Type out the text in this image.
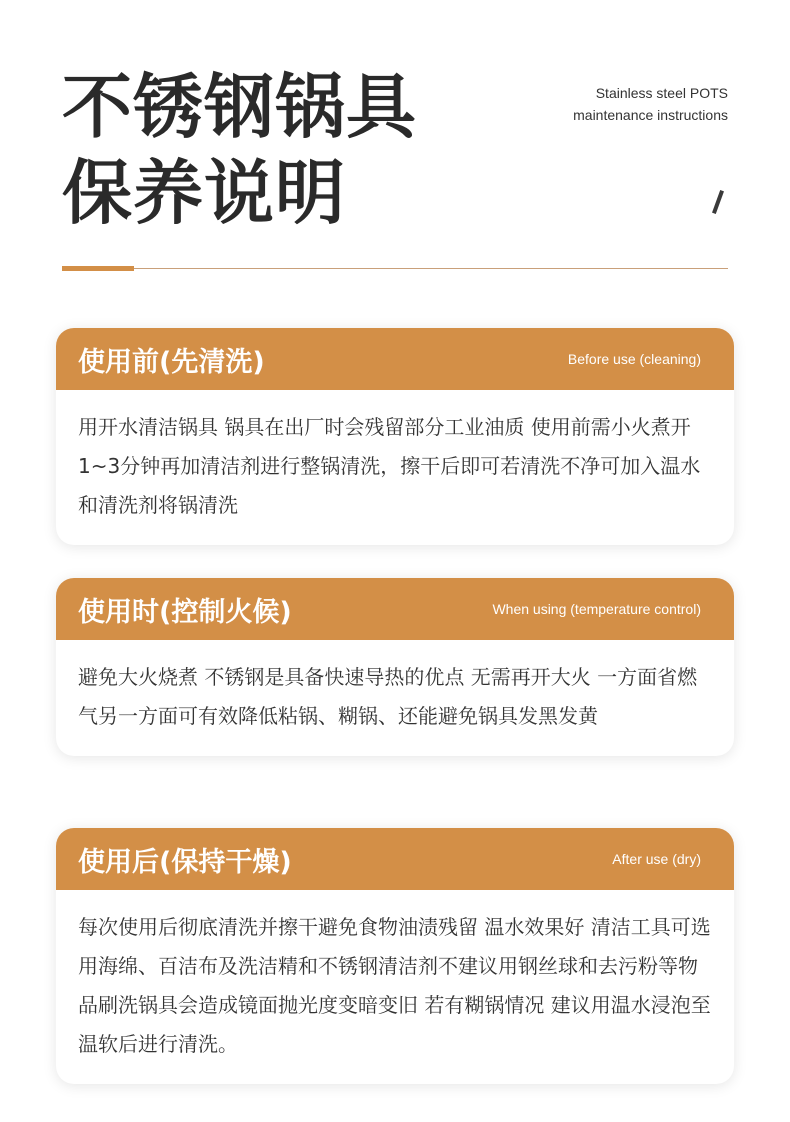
不锈钢锅具
保养说明
Stainless steel POTS
maintenance instructions
使用前(先清洗)	Before use (cleaning)
用开水清洁锅具 锅具在出厂时会残留部分工业油质 使用前需小火煮开1~3分钟再加清洁剂进行整锅清洗，擦干后即可若清洗不净可加入温水和清洗剂将锅清洗
使用时(控制火候)	When using (temperature control)
避免大火烧煮 不锈钢是具备快速导热的优点 无需再开大火 一方面省燃气另一方面可有效降低粘锅、糊锅、还能避免锅具发黑发黄
使用后(保持干燥)	After use (dry)
每次使用后彻底清洗并擦干避免食物油渍残留 温水效果好 清洁工具可选用海绵、百洁布及洗洁精和不锈钢清洁剂不建议用钢丝球和去污粉等物品刷洗锅具会造成镜面抛光度变暗变旧 若有糊锅情况 建议用温水浸泡至温软后进行清洗。
